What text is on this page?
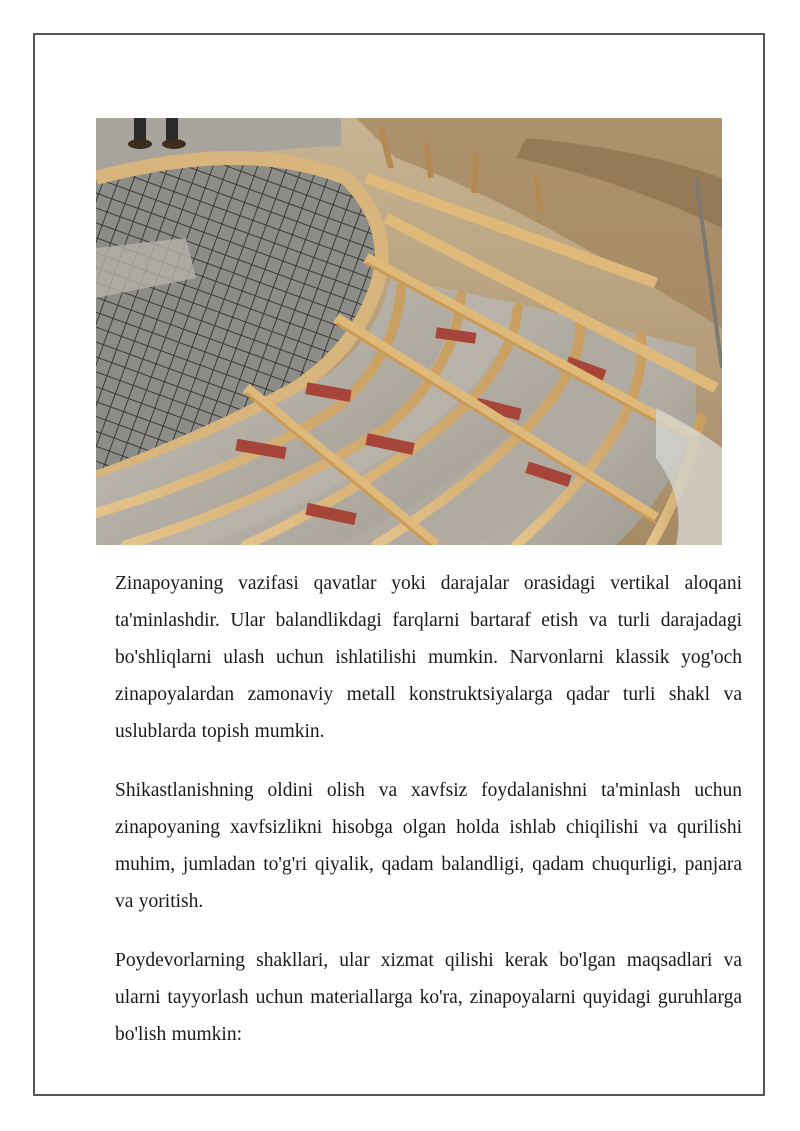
Zinapoyaning vazifasi qavatlar yoki darajalar orasidagi vertikal aloqani ta'minlashdir. Ular balandlikdagi farqlarni bartaraf etish va turli darajadagi bo'shliqlarni ulash uchun ishlatilishi mumkin. Narvonlarni klassik yog'och zinapoyalardan zamonaviy metall konstruktsiyalarga qadar turli shakl va uslublarda topish mumkin.

Shikastlanishning oldini olish va xavfsiz foydalanishni ta'minlash uchun zinapoyaning xavfsizlikni hisobga olgan holda ishlab chiqilishi va qurilishi muhim, jumladan to'g'ri qiyalik, qadam balandligi, qadam chuqurligi, panjara va yoritish.

Poydevorlarning shakllari, ular xizmat qilishi kerak bo'lgan maqsadlari va ularni tayyorlash uchun materiallarga ko'ra, zinapoyalarni quyidagi guruhlarga bo'lish mumkin:
